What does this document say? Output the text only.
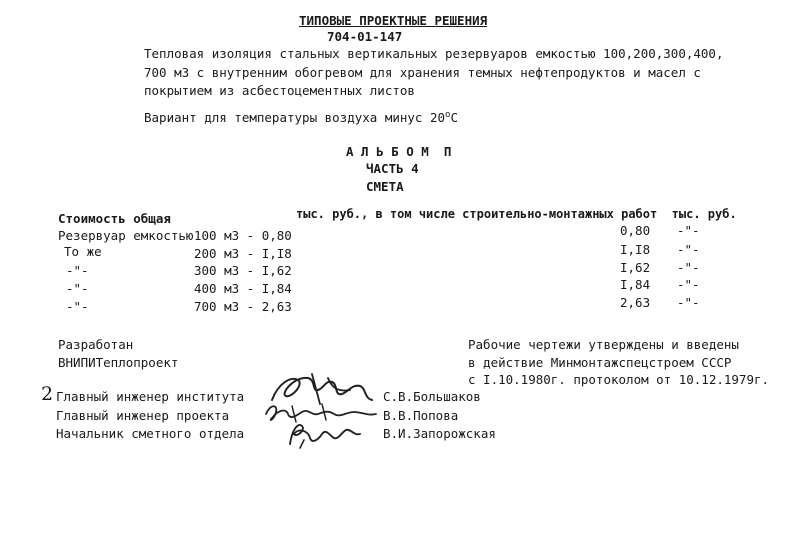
ТИПОВЫЕ ПРОЕКТНЫЕ РЕШЕНИЯ
704-01-147
Тепловая изоляция стальных вертикальных резервуаров емкостью 100,200,300,400,
700 м3 с внутренним обогревом для хранения темных нефтепродуктов и масел с
покрытием из асбестоцементных листов
Вариант для температуры воздуха минус 20$^o$С
А Л Ь Б О М  П
ЧАСТЬ 4
СМЕТА
Стоимость общая	тыс. руб., в том числе строительно-монтажных работ  тыс. руб.
Резервуар емкостью 100 м3 - 0,80	0,80 -"-
То же	200 м3 - I,I8	I,I8 -"-
-"-	300 м3 - I,62	I,62 -"-
-"-	400 м3 - I,84	I,84 -"-
-"-	700 м3 - 2,63	2,63 -"-
Разработан
ВНИПИТеплопроект
Рабочие чертежи утверждены и введены
в действие Минмонтажспецстроем СССР
с I.10.1980г. протоколом от 10.12.1979г.
2 Главный инженер института	С.В.Большаков
Главный инженер проекта	В.В.Попова
Начальник сметного отдела	В.И.Запорожская
